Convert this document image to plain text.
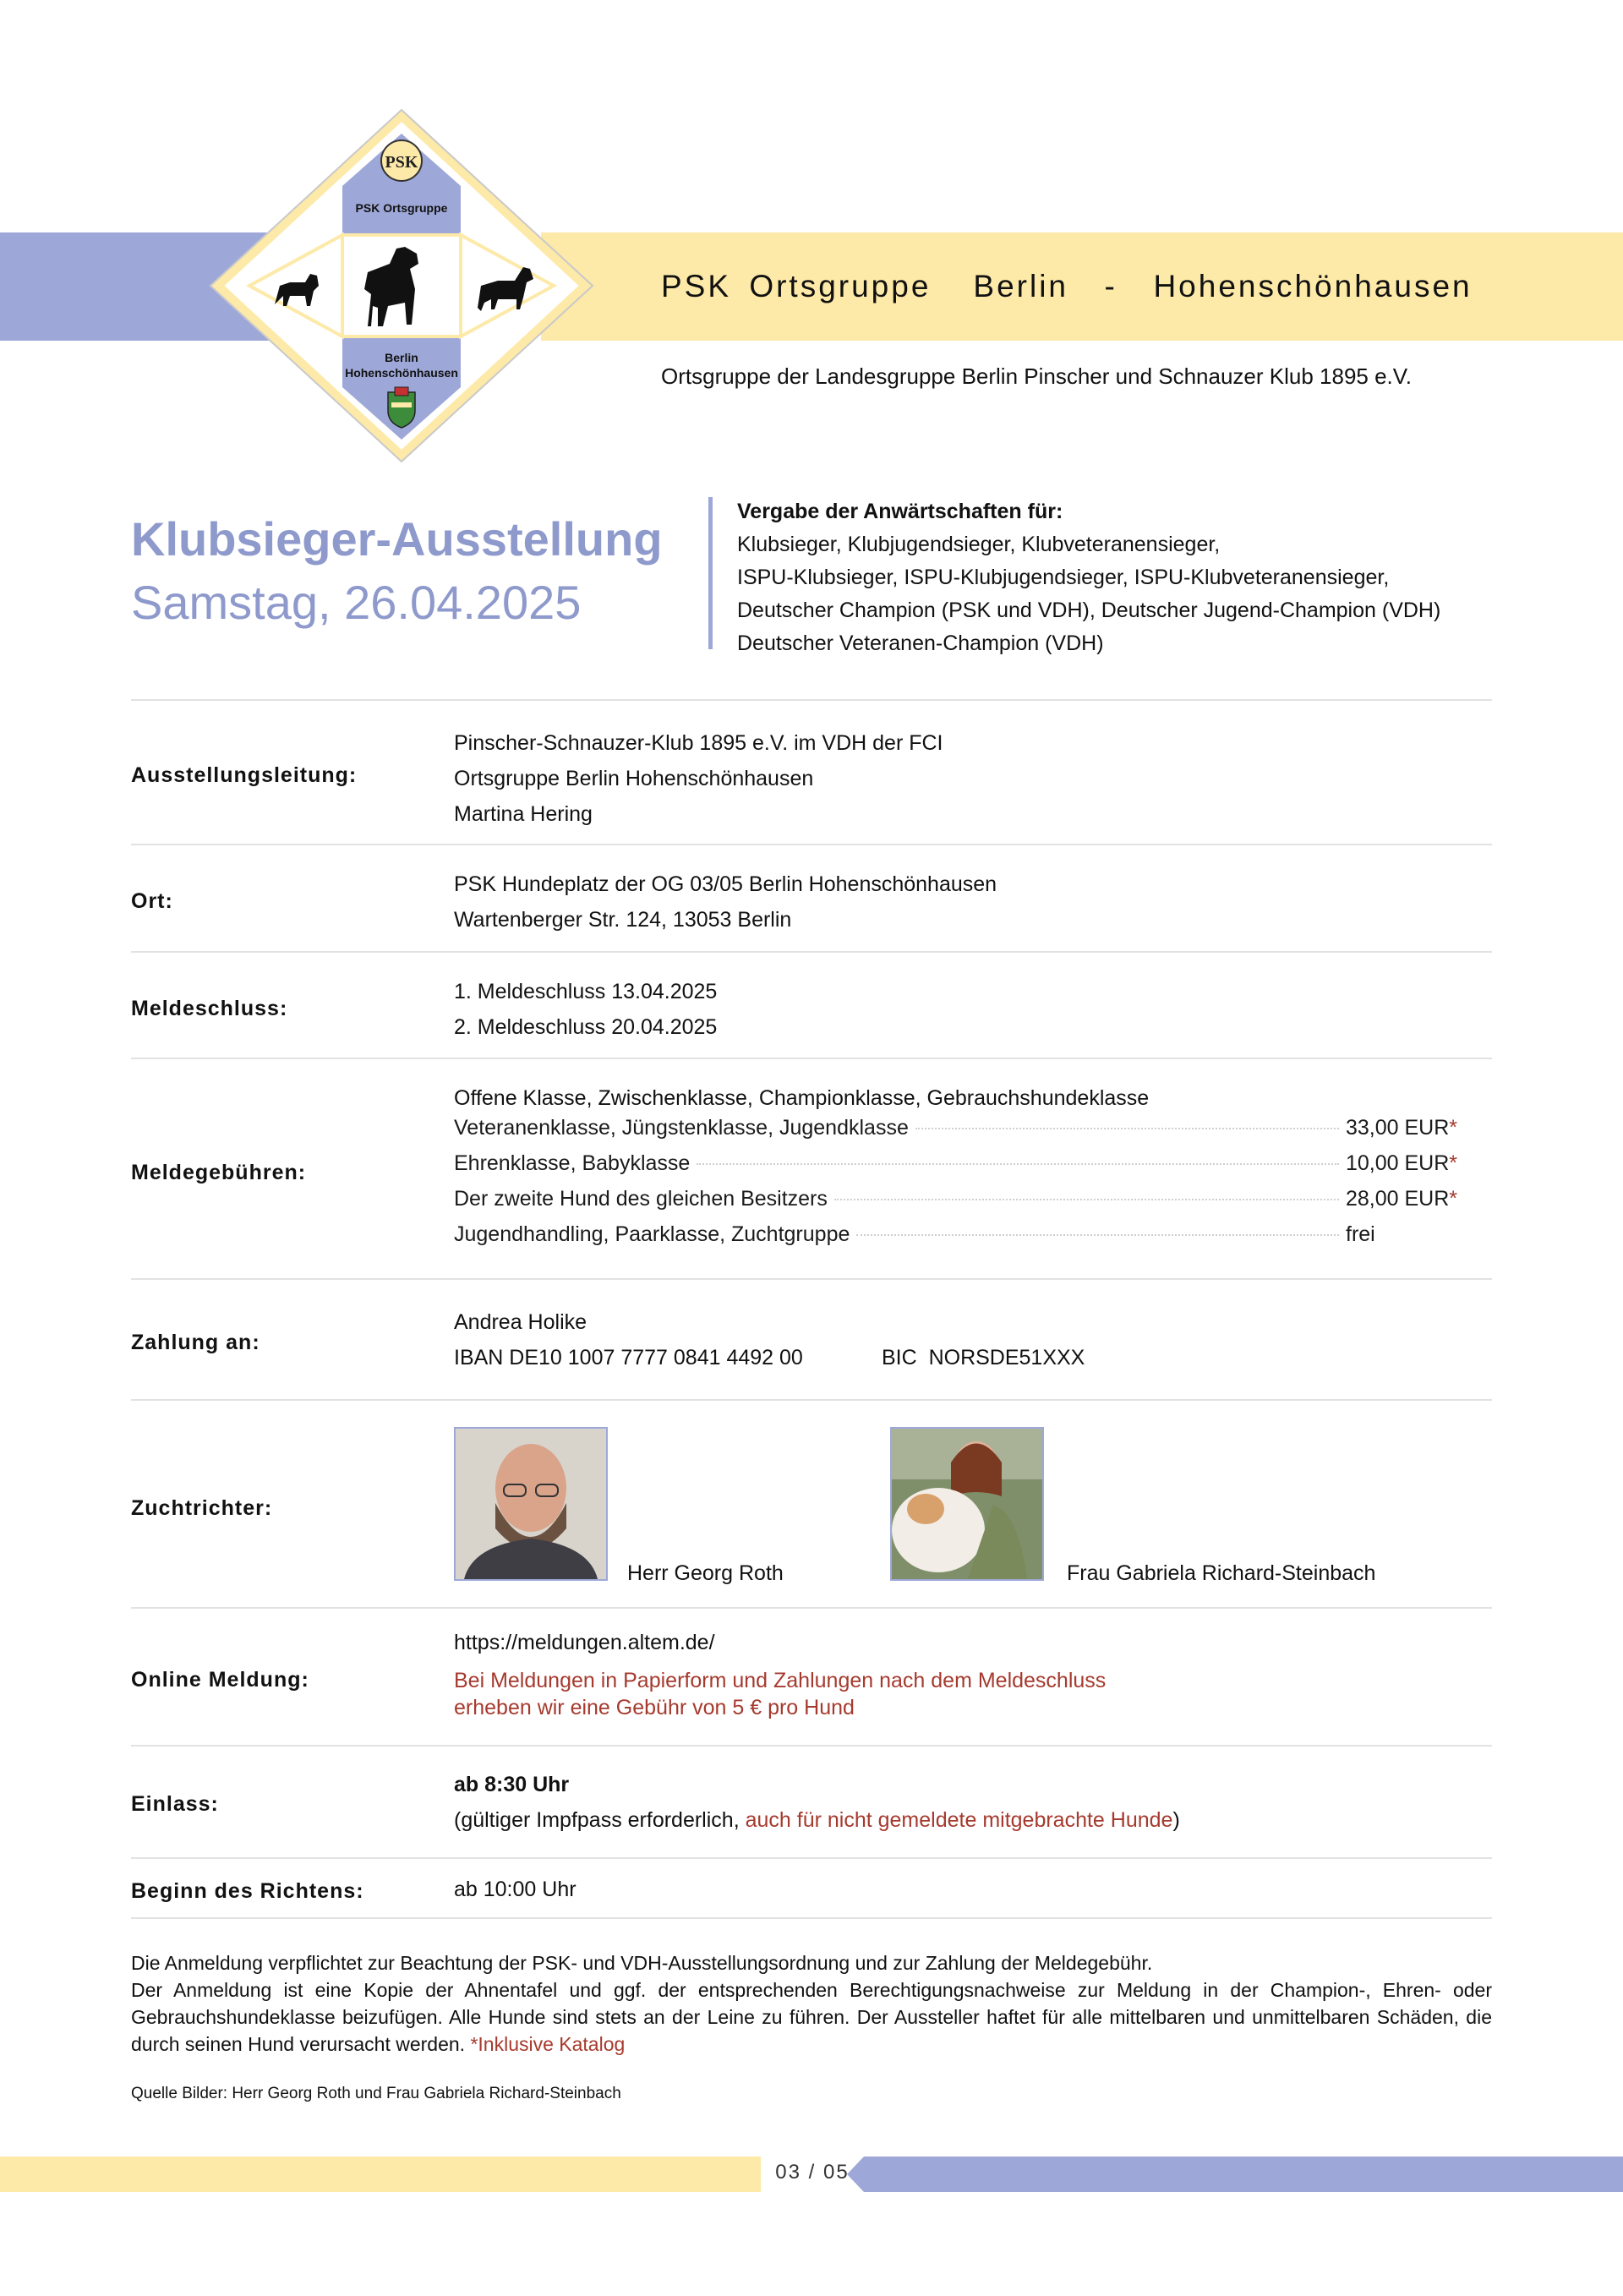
PSK
PSK Ortsgruppe
Berlin
Hohenschönhausen
PSK Ortsgruppe Berlin  -  Hohenschönhausen
Ortsgruppe der Landesgruppe Berlin Pinscher und Schnauzer Klub 1895 e.V.
Klubsieger-Ausstellung
Samstag, 26.04.2025
Vergabe der Anwärtschaften für:
Klubsieger, Klubjugendsieger, Klubveteranensieger,
ISPU-Klubsieger, ISPU-Klubjugendsieger, ISPU-Klubveteranensieger,
Deutscher Champion (PSK und VDH), Deutscher Jugend-Champion (VDH)
Deutscher Veteranen-Champion (VDH)
Ausstellungsleitung:
Pinscher-Schnauzer-Klub 1895 e.V. im VDH der FCI
Ortsgruppe Berlin Hohenschönhausen
Martina Hering
Ort:
PSK Hundeplatz der OG 03/05 Berlin Hohenschönhausen
Wartenberger Str. 124, 13053 Berlin
Meldeschluss:
1. Meldeschluss 13.04.2025
2. Meldeschluss 20.04.2025
Meldegebühren:
Offene Klasse, Zwischenklasse, Championklasse, Gebrauchshundeklasse
Veteranenklasse, Jüngstenklasse, Jugendklasse	33,00 EUR*
Ehrenklasse, Babyklasse	10,00 EUR*
Der zweite Hund des gleichen Besitzers	28,00 EUR*
Jugendhandling, Paarklasse, Zuchtgruppe	frei
Zahlung an:
Andrea Holike
IBAN DE10 1007 7777 0841 4492 00	BIC  NORSDE51XXX
Zuchtrichter:
Herr Georg Roth	Frau Gabriela Richard-Steinbach
Online Meldung:
https://meldungen.altem.de/
Bei Meldungen in Papierform und Zahlungen nach dem Meldeschluss
erheben wir eine Gebühr von 5 € pro Hund
Einlass:
ab 8:30 Uhr
(gültiger Impfpass erforderlich, auch für nicht gemeldete mitgebrachte Hunde)
Beginn des Richtens:	ab 10:00 Uhr
Die Anmeldung verpflichtet zur Beachtung der PSK- und VDH-Ausstellungsordnung und zur Zahlung der Meldegebühr.
Der Anmeldung ist eine Kopie der Ahnentafel und ggf. der entsprechenden Berechtigungsnachweise zur Meldung in der Champion-, Ehren- oder Gebrauchshundeklasse beizufügen. Alle Hunde sind stets an der Leine zu führen. Der Aussteller haftet für alle mittelbaren und unmittelbaren Schäden, die durch seinen Hund verursacht werden. *Inklusive Katalog
Quelle Bilder: Herr Georg Roth und Frau Gabriela Richard-Steinbach
03 / 05
